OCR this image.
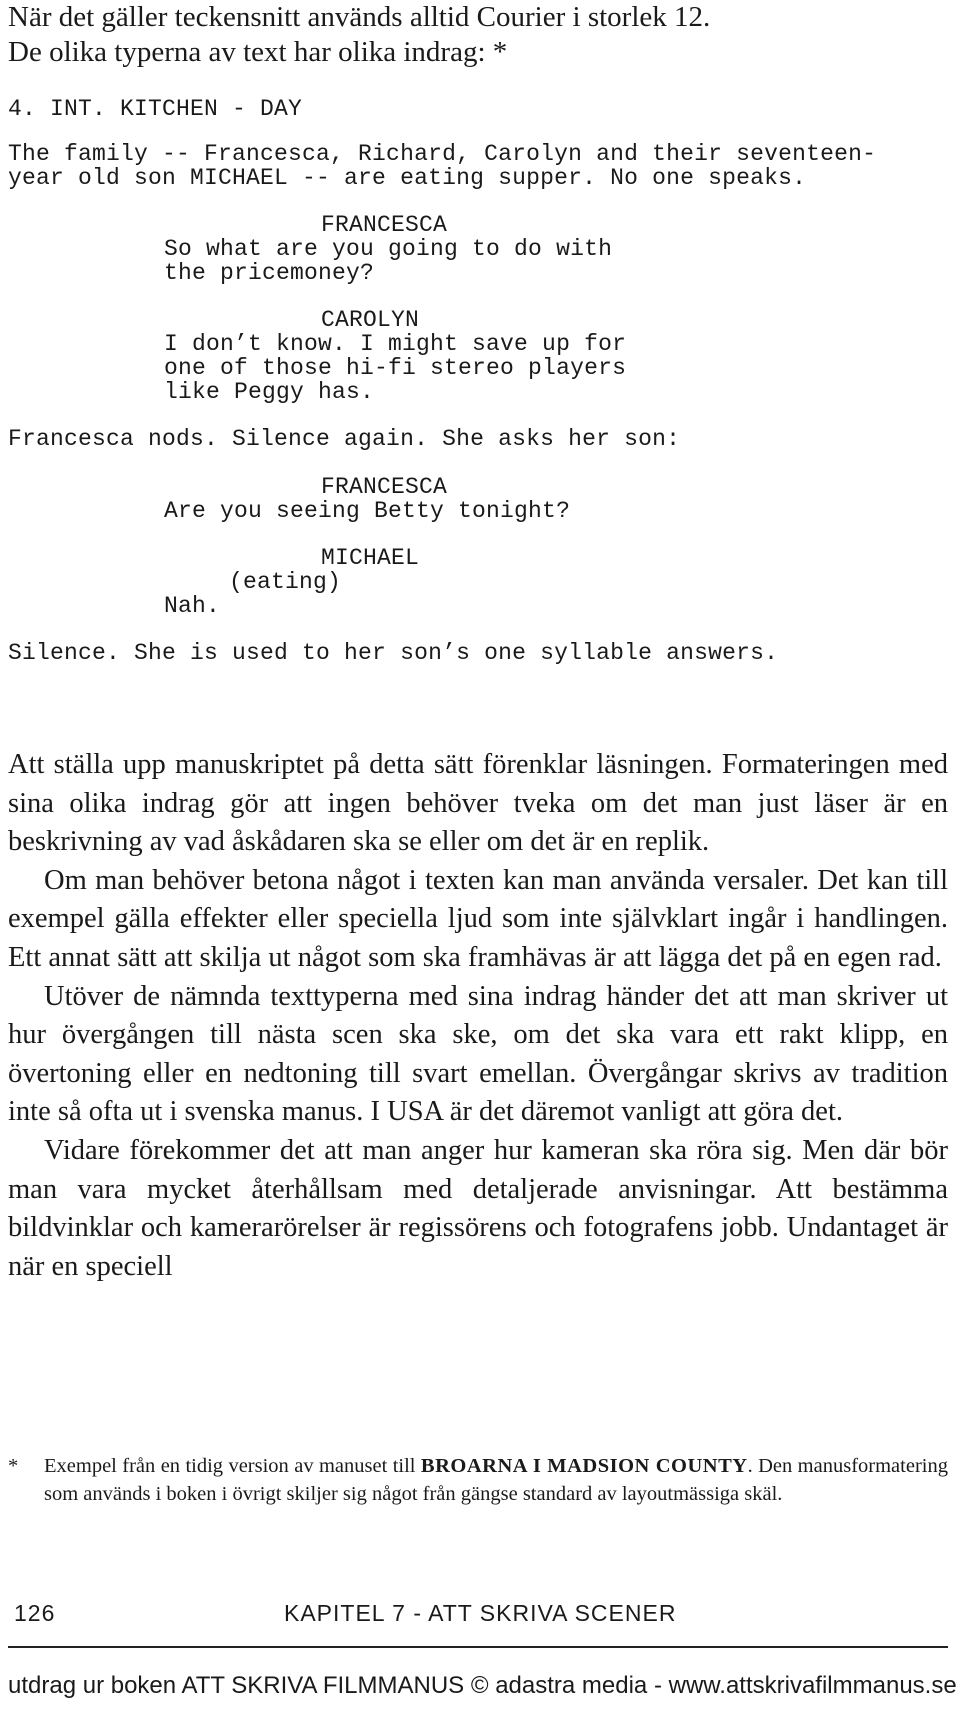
När det gäller teckensnitt används alltid Courier i storlek 12.

De olika typerna av text har olika indrag: *

4. INT. KITCHEN - DAY

The family -- Francesca, Richard, Carolyn and their seventeen-

year old son MICHAEL -- are eating supper. No one speaks.

FRANCESCA

So what are you going to do with

the pricemoney?

CAROLYN

I don’t know. I might save up for

one of those hi-fi stereo players

like Peggy has.

Francesca nods. Silence again. She asks her son:

FRANCESCA

Are you seeing Betty tonight?

MICHAEL

(eating)

Nah.

Silence. She is used to her son’s one syllable answers.

Att ställa upp manuskriptet på detta sätt förenklar läsningen. Formateringen med sina olika indrag gör att ingen behöver tveka om det man just läser är en beskrivning av vad åskådaren ska se eller om det är en replik.

Om man behöver betona något i texten kan man använda versaler. Det kan till exempel gälla effekter eller speciella ljud som inte självklart ingår i handlingen. Ett annat sätt att skilja ut något som ska framhävas är att lägga det på en egen rad.

Utöver de nämnda texttyperna med sina indrag händer det att man skriver ut hur övergången till nästa scen ska ske, om det ska vara ett rakt klipp, en övertoning eller en nedtoning till svart emellan. Övergångar skrivs av tradition inte så ofta ut i svenska manus. I USA är det däremot vanligt att göra det.

Vidare förekommer det att man anger hur kameran ska röra sig. Men där bör man vara mycket återhållsam med detaljerade anvisningar. Att bestämma bildvinklar och kamerarörelser är regissörens och fotografens jobb. Undantaget är när en speciell

* Exempel från en tidig version av manuset till BROARNA I MADSION COUNTY. Den manusformatering som används i boken i övrigt skiljer sig något från gängse standard av layoutmässiga skäl.
126	KAPITEL 7 - ATT SKRIVA SCENER
utdrag ur boken ATT SKRIVA FILMMANUS © adastra media - www.attskrivafilmmanus.se
